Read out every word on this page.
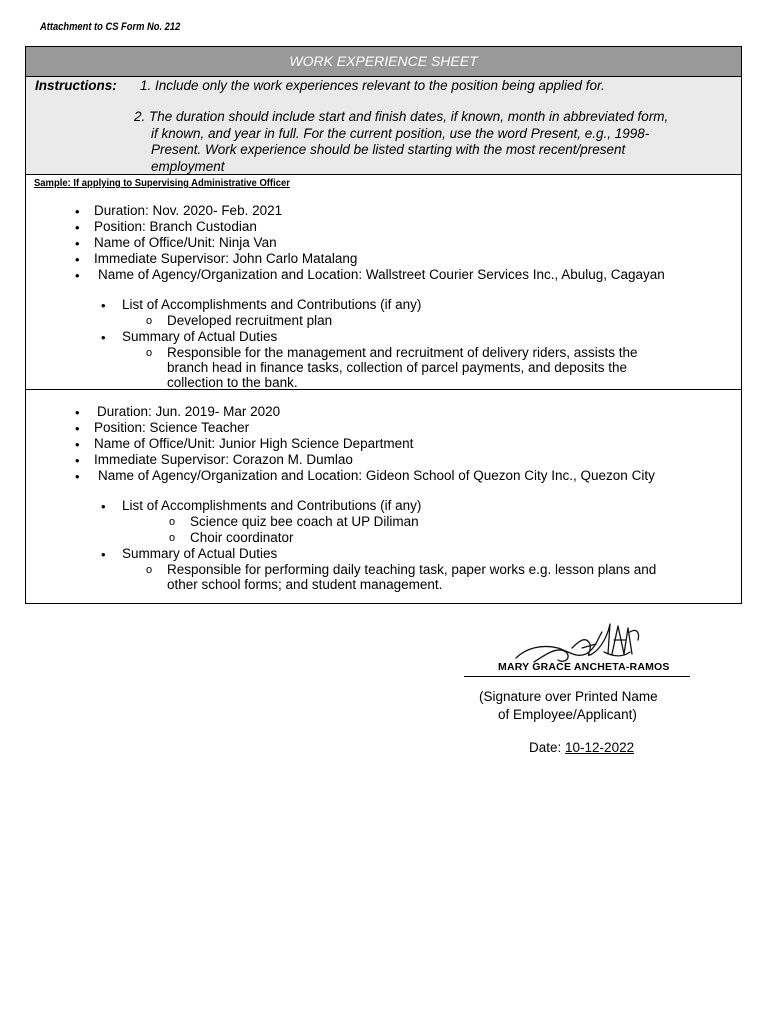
Attachment to CS Form No. 212
WORK EXPERIENCE SHEET
Instructions: 1. Include only the work experiences relevant to the position being applied for.
2. The duration should include start and finish dates, if known, month in abbreviated form,
if known, and year in full. For the current position, use the word Present, e.g., 1998-
Present. Work experience should be listed starting with the most recent/present
employment
Sample: If applying to Supervising Administrative Officer
• Duration: Nov. 2020- Feb. 2021
• Position: Branch Custodian
• Name of Office/Unit: Ninja Van
• Immediate Supervisor: John Carlo Matalang
• Name of Agency/Organization and Location: Wallstreet Courier Services Inc., Abulug, Cagayan
• List of Accomplishments and Contributions (if any)
o Developed recruitment plan
• Summary of Actual Duties
o Responsible for the management and recruitment of delivery riders, assists the
branch head in finance tasks, collection of parcel payments, and deposits the
collection to the bank.
• Duration: Jun. 2019- Mar 2020
• Position: Science Teacher
• Name of Office/Unit: Junior High Science Department
• Immediate Supervisor: Corazon M. Dumlao
• Name of Agency/Organization and Location: Gideon School of Quezon City Inc., Quezon City
• List of Accomplishments and Contributions (if any)
o Science quiz bee coach at UP Diliman
o Choir coordinator
• Summary of Actual Duties
o Responsible for performing daily teaching task, paper works e.g. lesson plans and
other school forms; and student management.
MARY GRACE ANCHETA-RAMOS
(Signature over Printed Name
of Employee/Applicant)
Date: 10-12-2022
